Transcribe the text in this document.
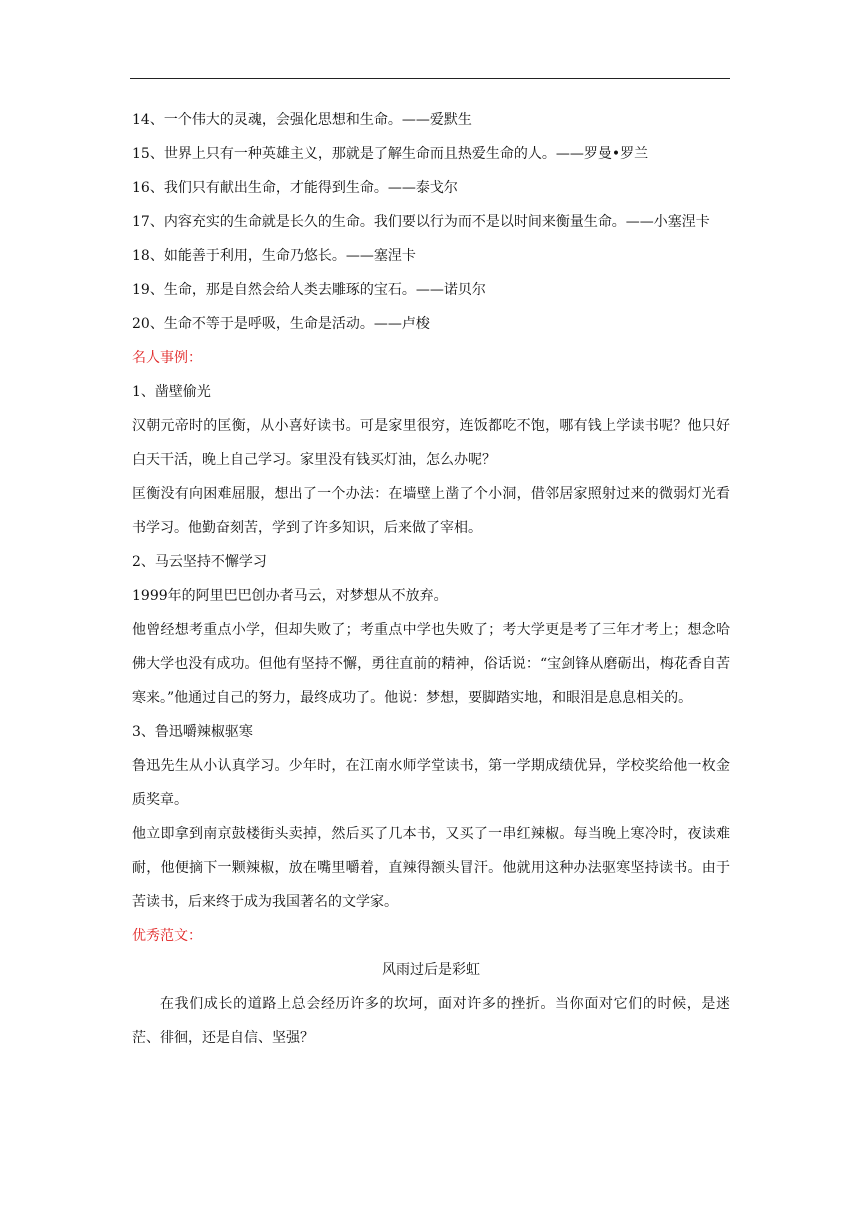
14、一个伟大的灵魂，会强化思想和生命。——爱默生

15、世界上只有一种英雄主义，那就是了解生命而且热爱生命的人。——罗曼•罗兰

16、我们只有献出生命，才能得到生命。——泰戈尔

17、内容充实的生命就是长久的生命。我们要以行为而不是以时间来衡量生命。——小塞涅卡

18、如能善于利用，生命乃悠长。——塞涅卡

19、生命，那是自然会给人类去雕琢的宝石。——诺贝尔

20、生命不等于是呼吸，生命是活动。——卢梭

名人事例：

1、凿壁偷光

汉朝元帝时的匡衡，从小喜好读书。可是家里很穷，连饭都吃不饱，哪有钱上学读书呢？他只好白天干活，晚上自己学习。家里没有钱买灯油，怎么办呢？

匡衡没有向困难屈服，想出了一个办法：在墙壁上凿了个小洞，借邻居家照射过来的微弱灯光看书学习。他勤奋刻苦，学到了许多知识，后来做了宰相。

2、马云坚持不懈学习

1999年的阿里巴巴创办者马云，对梦想从不放弃。

他曾经想考重点小学，但却失败了；考重点中学也失败了；考大学更是考了三年才考上；想念哈佛大学也没有成功。但他有坚持不懈，勇往直前的精神，俗话说：“宝剑锋从磨砺出，梅花香自苦寒来。”他通过自己的努力，最终成功了。他说：梦想，要脚踏实地，和眼泪是息息相关的。

3、鲁迅嚼辣椒驱寒

鲁迅先生从小认真学习。少年时，在江南水师学堂读书，第一学期成绩优异，学校奖给他一枚金质奖章。

他立即拿到南京鼓楼街头卖掉，然后买了几本书，又买了一串红辣椒。每当晚上寒冷时，夜读难耐，他便摘下一颗辣椒，放在嘴里嚼着，直辣得额头冒汗。他就用这种办法驱寒坚持读书。由于苦读书，后来终于成为我国著名的文学家。

优秀范文：

风雨过后是彩虹

在我们成长的道路上总会经历许多的坎坷，面对许多的挫折。当你面对它们的时候，是迷茫、徘徊，还是自信、坚强？
